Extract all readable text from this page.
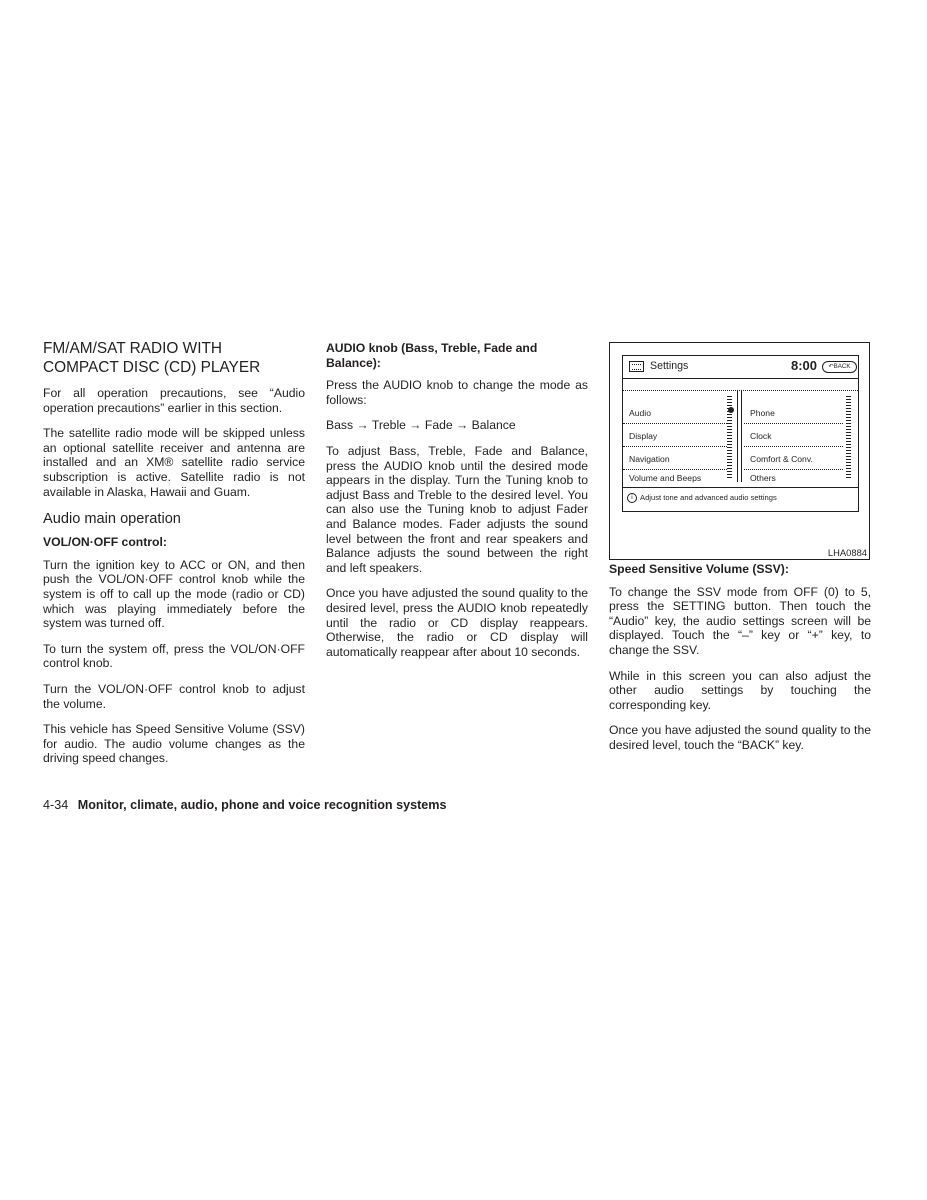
FM/AM/SAT RADIO WITH
COMPACT DISC (CD) PLAYER

For all operation precautions, see “Audio operation precautions” earlier in this section.

The satellite radio mode will be skipped unless an optional satellite receiver and antenna are installed and an XM® satellite radio service subscription is active. Satellite radio is not available in Alaska, Hawaii and Guam.

Audio main operation
VOL/ON·OFF control:

Turn the ignition key to ACC or ON, and then push the VOL/ON·OFF control knob while the system is off to call up the mode (radio or CD) which was playing immediately before the system was turned off.

To turn the system off, press the VOL/ON·OFF control knob.

Turn the VOL/ON·OFF control knob to adjust the volume.

This vehicle has Speed Sensitive Volume (SSV) for audio. The audio volume changes as the driving speed changes.

AUDIO knob (Bass, Treble, Fade and Balance):

Press the AUDIO knob to change the mode as follows:

Bass → Treble → Fade → Balance

To adjust Bass, Treble, Fade and Balance, press the AUDIO knob until the desired mode appears in the display. Turn the Tuning knob to adjust Bass and Treble to the desired level. You can also use the Tuning knob to adjust Fader and Balance modes. Fader adjusts the sound level between the front and rear speakers and Balance adjusts the sound between the right and left speakers.

Once you have adjusted the sound quality to the desired level, press the AUDIO knob repeatedly until the radio or CD display reappears. Otherwise, the radio or CD display will automatically reappear after about 10 seconds.

Settings	8:00	↶BACK
Audio
Display
Navigation
Volume and Beeps
Phone
Clock
Comfort & Conv.
Others
i Adjust tone and advanced audio settings
LHA0884
Speed Sensitive Volume (SSV):

To change the SSV mode from OFF (0) to 5, press the SETTING button. Then touch the “Audio” key, the audio settings screen will be displayed. Touch the “–” key or “+” key, to change the SSV.

While in this screen you can also adjust the other audio settings by touching the corresponding key.

Once you have adjusted the sound quality to the desired level, touch the “BACK” key.

4-34 Monitor, climate, audio, phone and voice recognition systems
